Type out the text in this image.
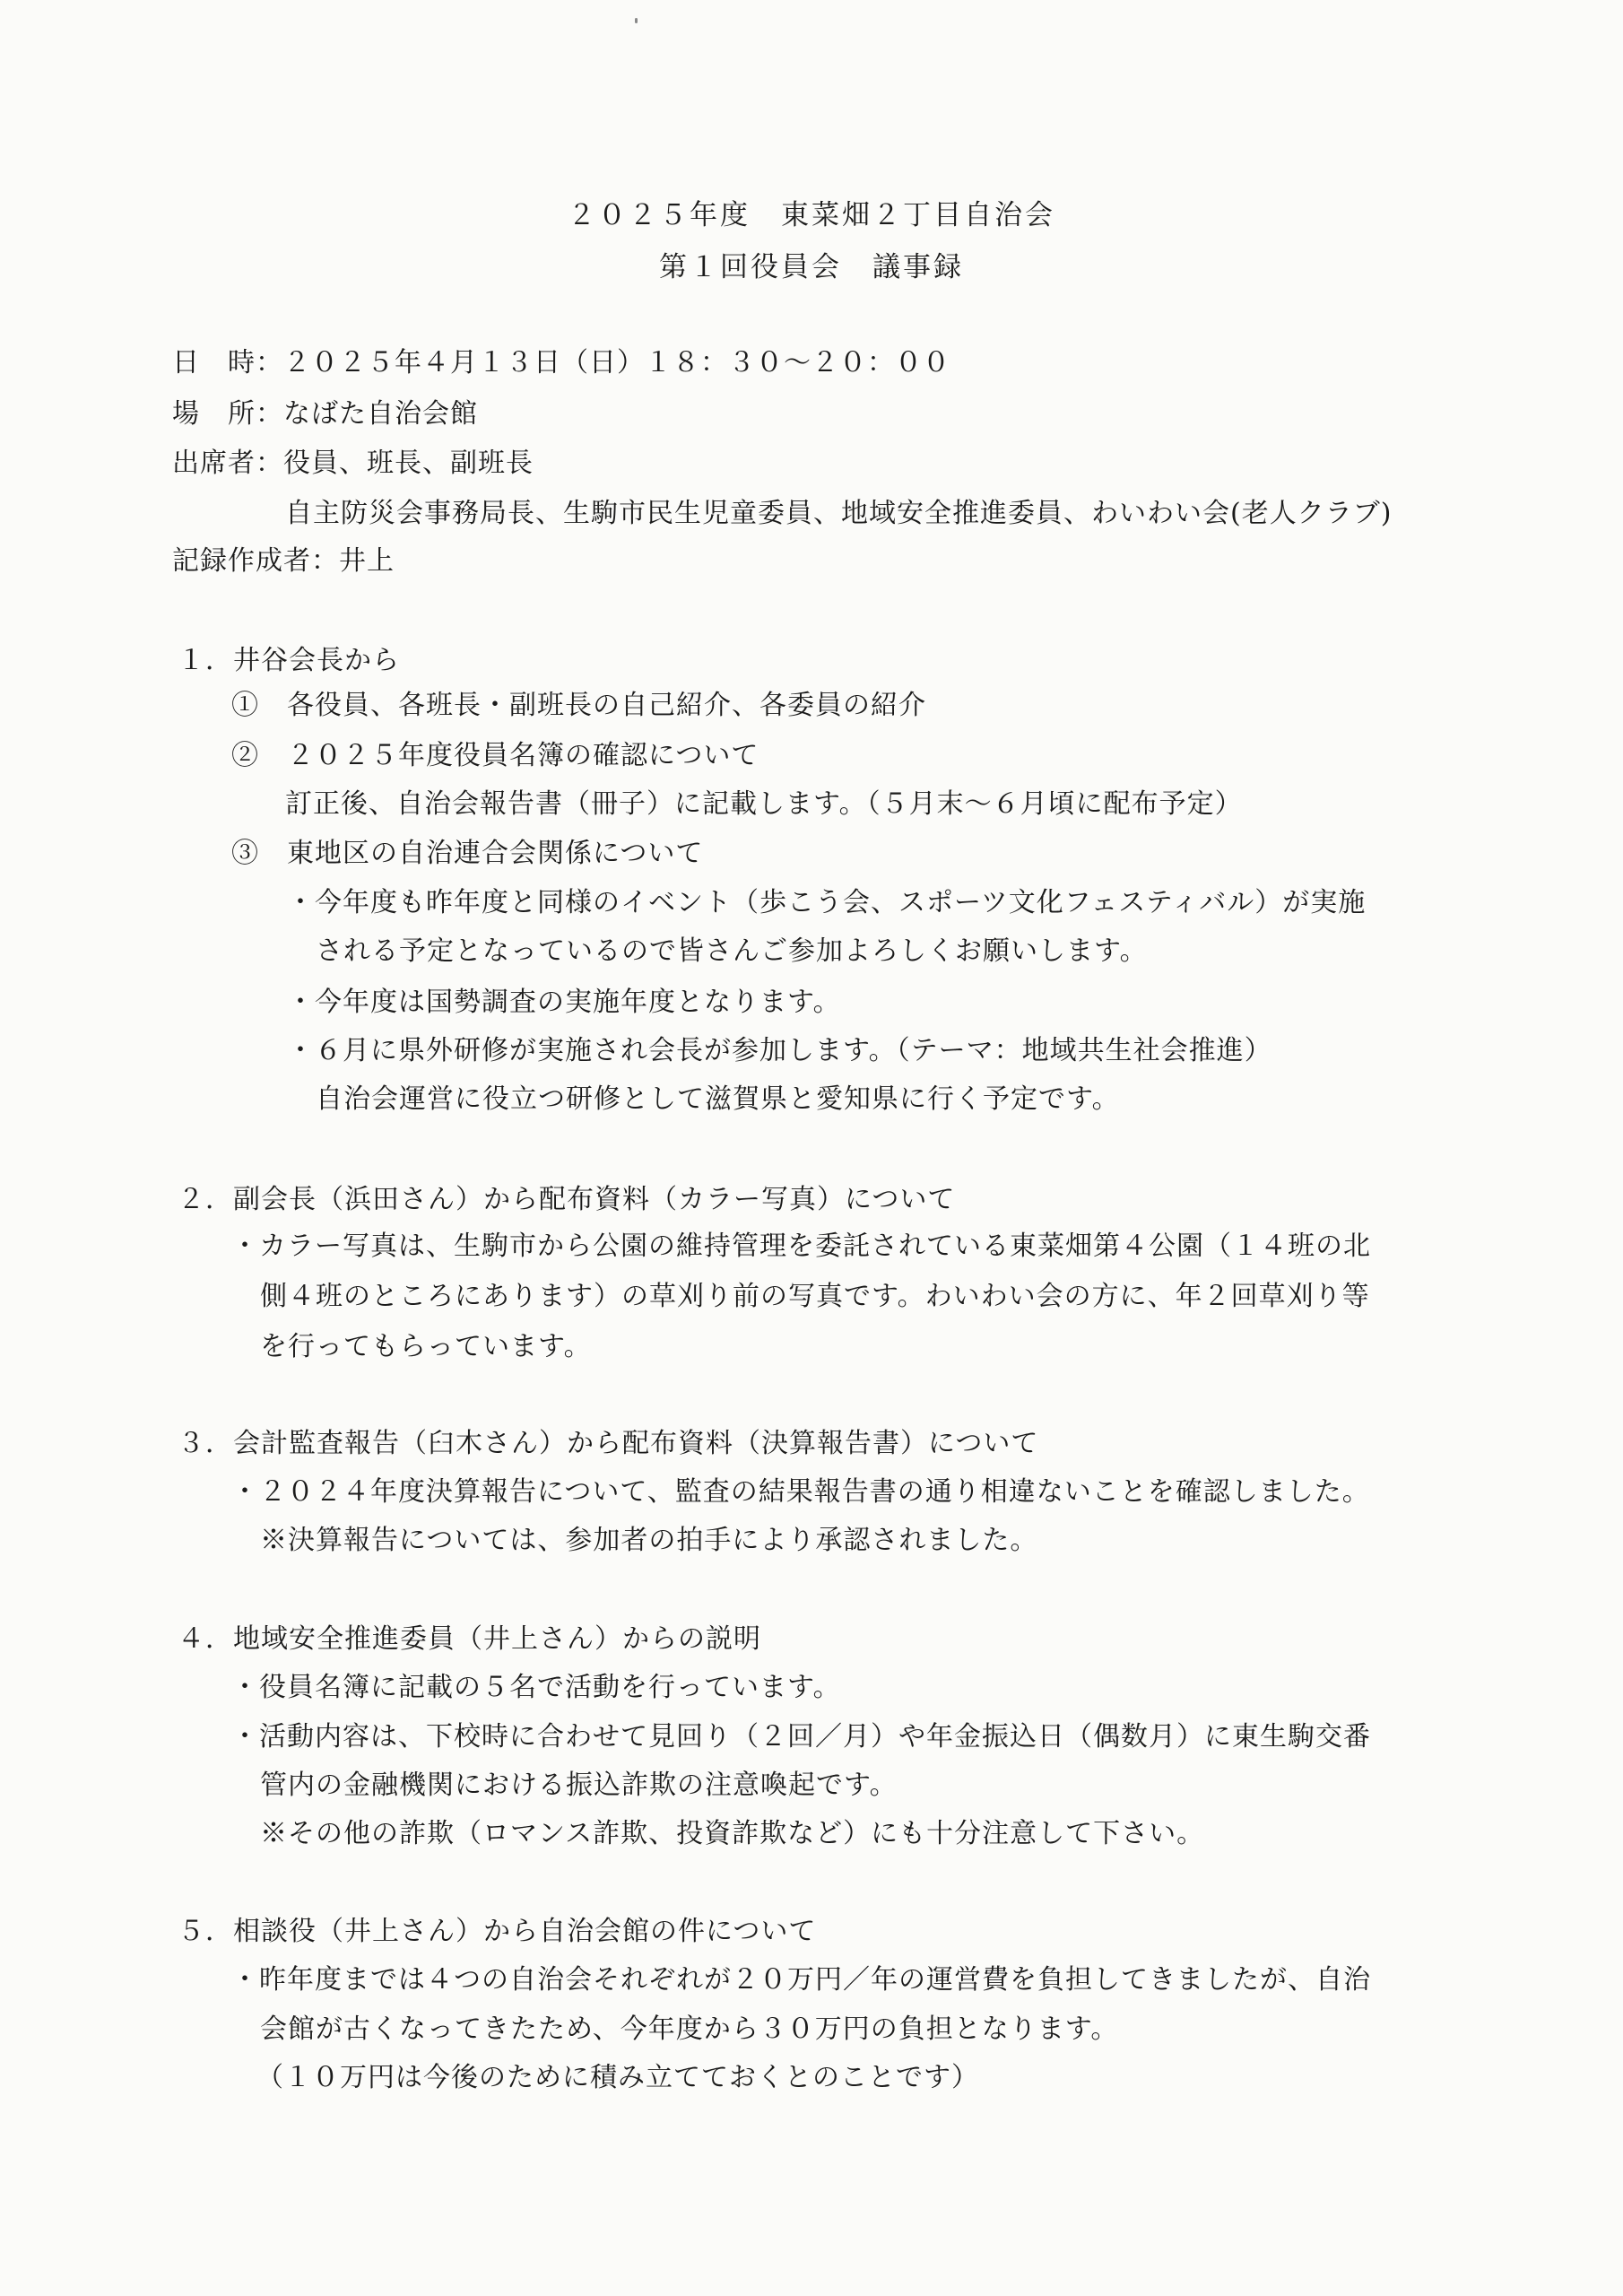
２０２５年度　東菜畑２丁目自治会
第１回役員会　議事録
日　時：２０２５年４月１３日（日）１８：３０～２０：００
場　所：なばた自治会館
出席者：役員、班長、副班長
自主防災会事務局長、生駒市民生児童委員、地域安全推進委員、わいわい会(老人クラブ)
記録作成者：井上
１．井谷会長から
①　各役員、各班長・副班長の自己紹介、各委員の紹介
②　２０２５年度役員名簿の確認について
訂正後、自治会報告書（冊子）に記載します。（５月末～６月頃に配布予定）
③　東地区の自治連合会関係について
・今年度も昨年度と同様のイベント（歩こう会、スポーツ文化フェスティバル）が実施
される予定となっているので皆さんご参加よろしくお願いします。
・今年度は国勢調査の実施年度となります。
・６月に県外研修が実施され会長が参加します。（テーマ：地域共生社会推進）
自治会運営に役立つ研修として滋賀県と愛知県に行く予定です。
２．副会長（浜田さん）から配布資料（カラー写真）について
・カラー写真は、生駒市から公園の維持管理を委託されている東菜畑第４公園（１４班の北
側４班のところにあります）の草刈り前の写真です。わいわい会の方に、年２回草刈り等
を行ってもらっています。
３．会計監査報告（臼木さん）から配布資料（決算報告書）について
・２０２４年度決算報告について、監査の結果報告書の通り相違ないことを確認しました。
※決算報告については、参加者の拍手により承認されました。
４．地域安全推進委員（井上さん）からの説明
・役員名簿に記載の５名で活動を行っています。
・活動内容は、下校時に合わせて見回り（２回／月）や年金振込日（偶数月）に東生駒交番
管内の金融機関における振込詐欺の注意喚起です。
※その他の詐欺（ロマンス詐欺、投資詐欺など）にも十分注意して下さい。
５．相談役（井上さん）から自治会館の件について
・昨年度までは４つの自治会それぞれが２０万円／年の運営費を負担してきましたが、自治
会館が古くなってきたため、今年度から３０万円の負担となります。
（１０万円は今後のために積み立てておくとのことです）
